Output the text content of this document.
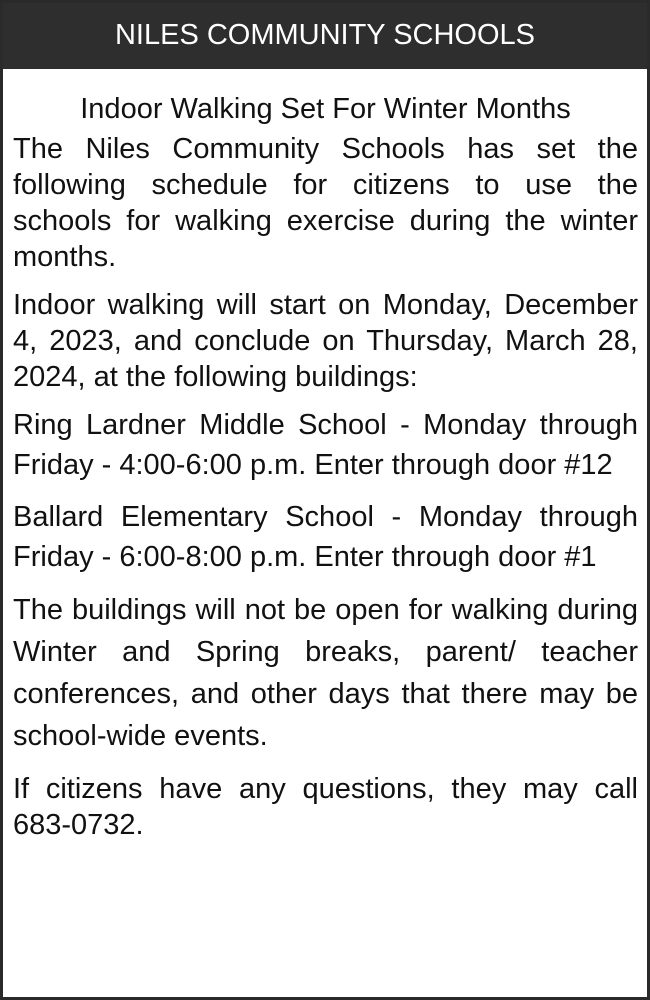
NILES COMMUNITY SCHOOLS

Indoor Walking Set For Winter Months

The Niles Community Schools has set the following schedule for citizens to use the schools for walking exercise during the winter months.

Indoor walking will start on Monday, December 4, 2023, and conclude on Thursday, March 28, 2024, at the following buildings:

Ring Lardner Middle School - Monday through Friday - 4:00-6:00 p.m. Enter through door #12

Ballard Elementary School - Monday through Friday - 6:00-8:00 p.m. Enter through door #1

The buildings will not be open for walking during Winter and Spring breaks, parent/ teacher conferences, and other days that there may be school-wide events.

If citizens have any questions, they may call 683-0732.
